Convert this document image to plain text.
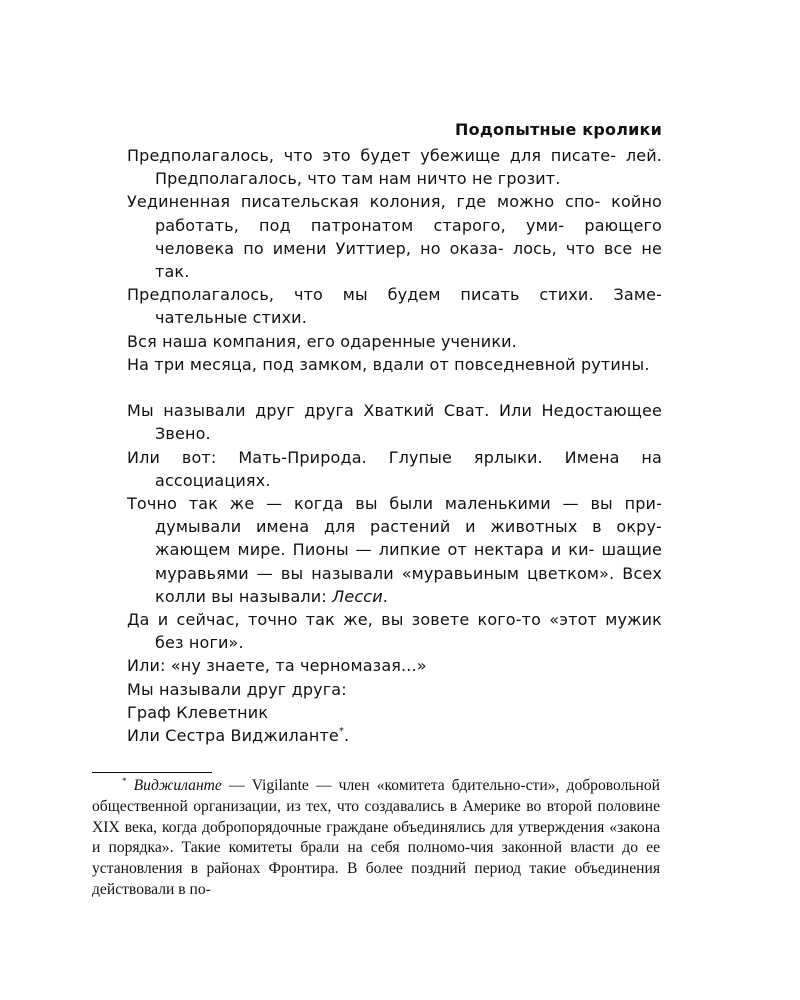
Подопытные кролики

Предполагалось, что это будет убежище для писате- лей. Предполагалось, что там нам ничто не грозит.

Уединенная писательская колония, где можно спо- койно работать, под патронатом старого, уми- рающего человека по имени Уиттиер, но оказа- лось, что все не так.

Предполагалось, что мы будем писать стихи. Заме- чательные стихи.

Вся наша компания, его одаренные ученики.

На три месяца, под замком, вдали от повседневной рутины.

Мы называли друг друга Хваткий Сват. Или Недостающее Звено.

Или вот: Мать-Природа. Глупые ярлыки. Имена на ассоциациях.

Точно так же — когда вы были маленькими — вы при- думывали имена для растений и животных в окру- жающем мире. Пионы — липкие от нектара и ки- шащие муравьями — вы называли «муравьиным цветком». Всех колли вы называли: Лесси.

Да и сейчас, точно так же, вы зовете кого-то «этот мужик без ноги».

Или: «ну знаете, та черномазая...»

Мы называли друг друга:

Граф Клеветник

Или Сестра Виджиланте*.

* Виджиланте — Vigilante — член «комитета бдительно-сти», добровольной общественной организации, из тех, что создавались в Америке во второй половине XIX века, когда добропорядочные граждане объединялись для утверждения «закона и порядка». Такие комитеты брали на себя полномо-чия законной власти до ее установления в районах Фронтира. В более поздний период такие объединения действовали в по-
